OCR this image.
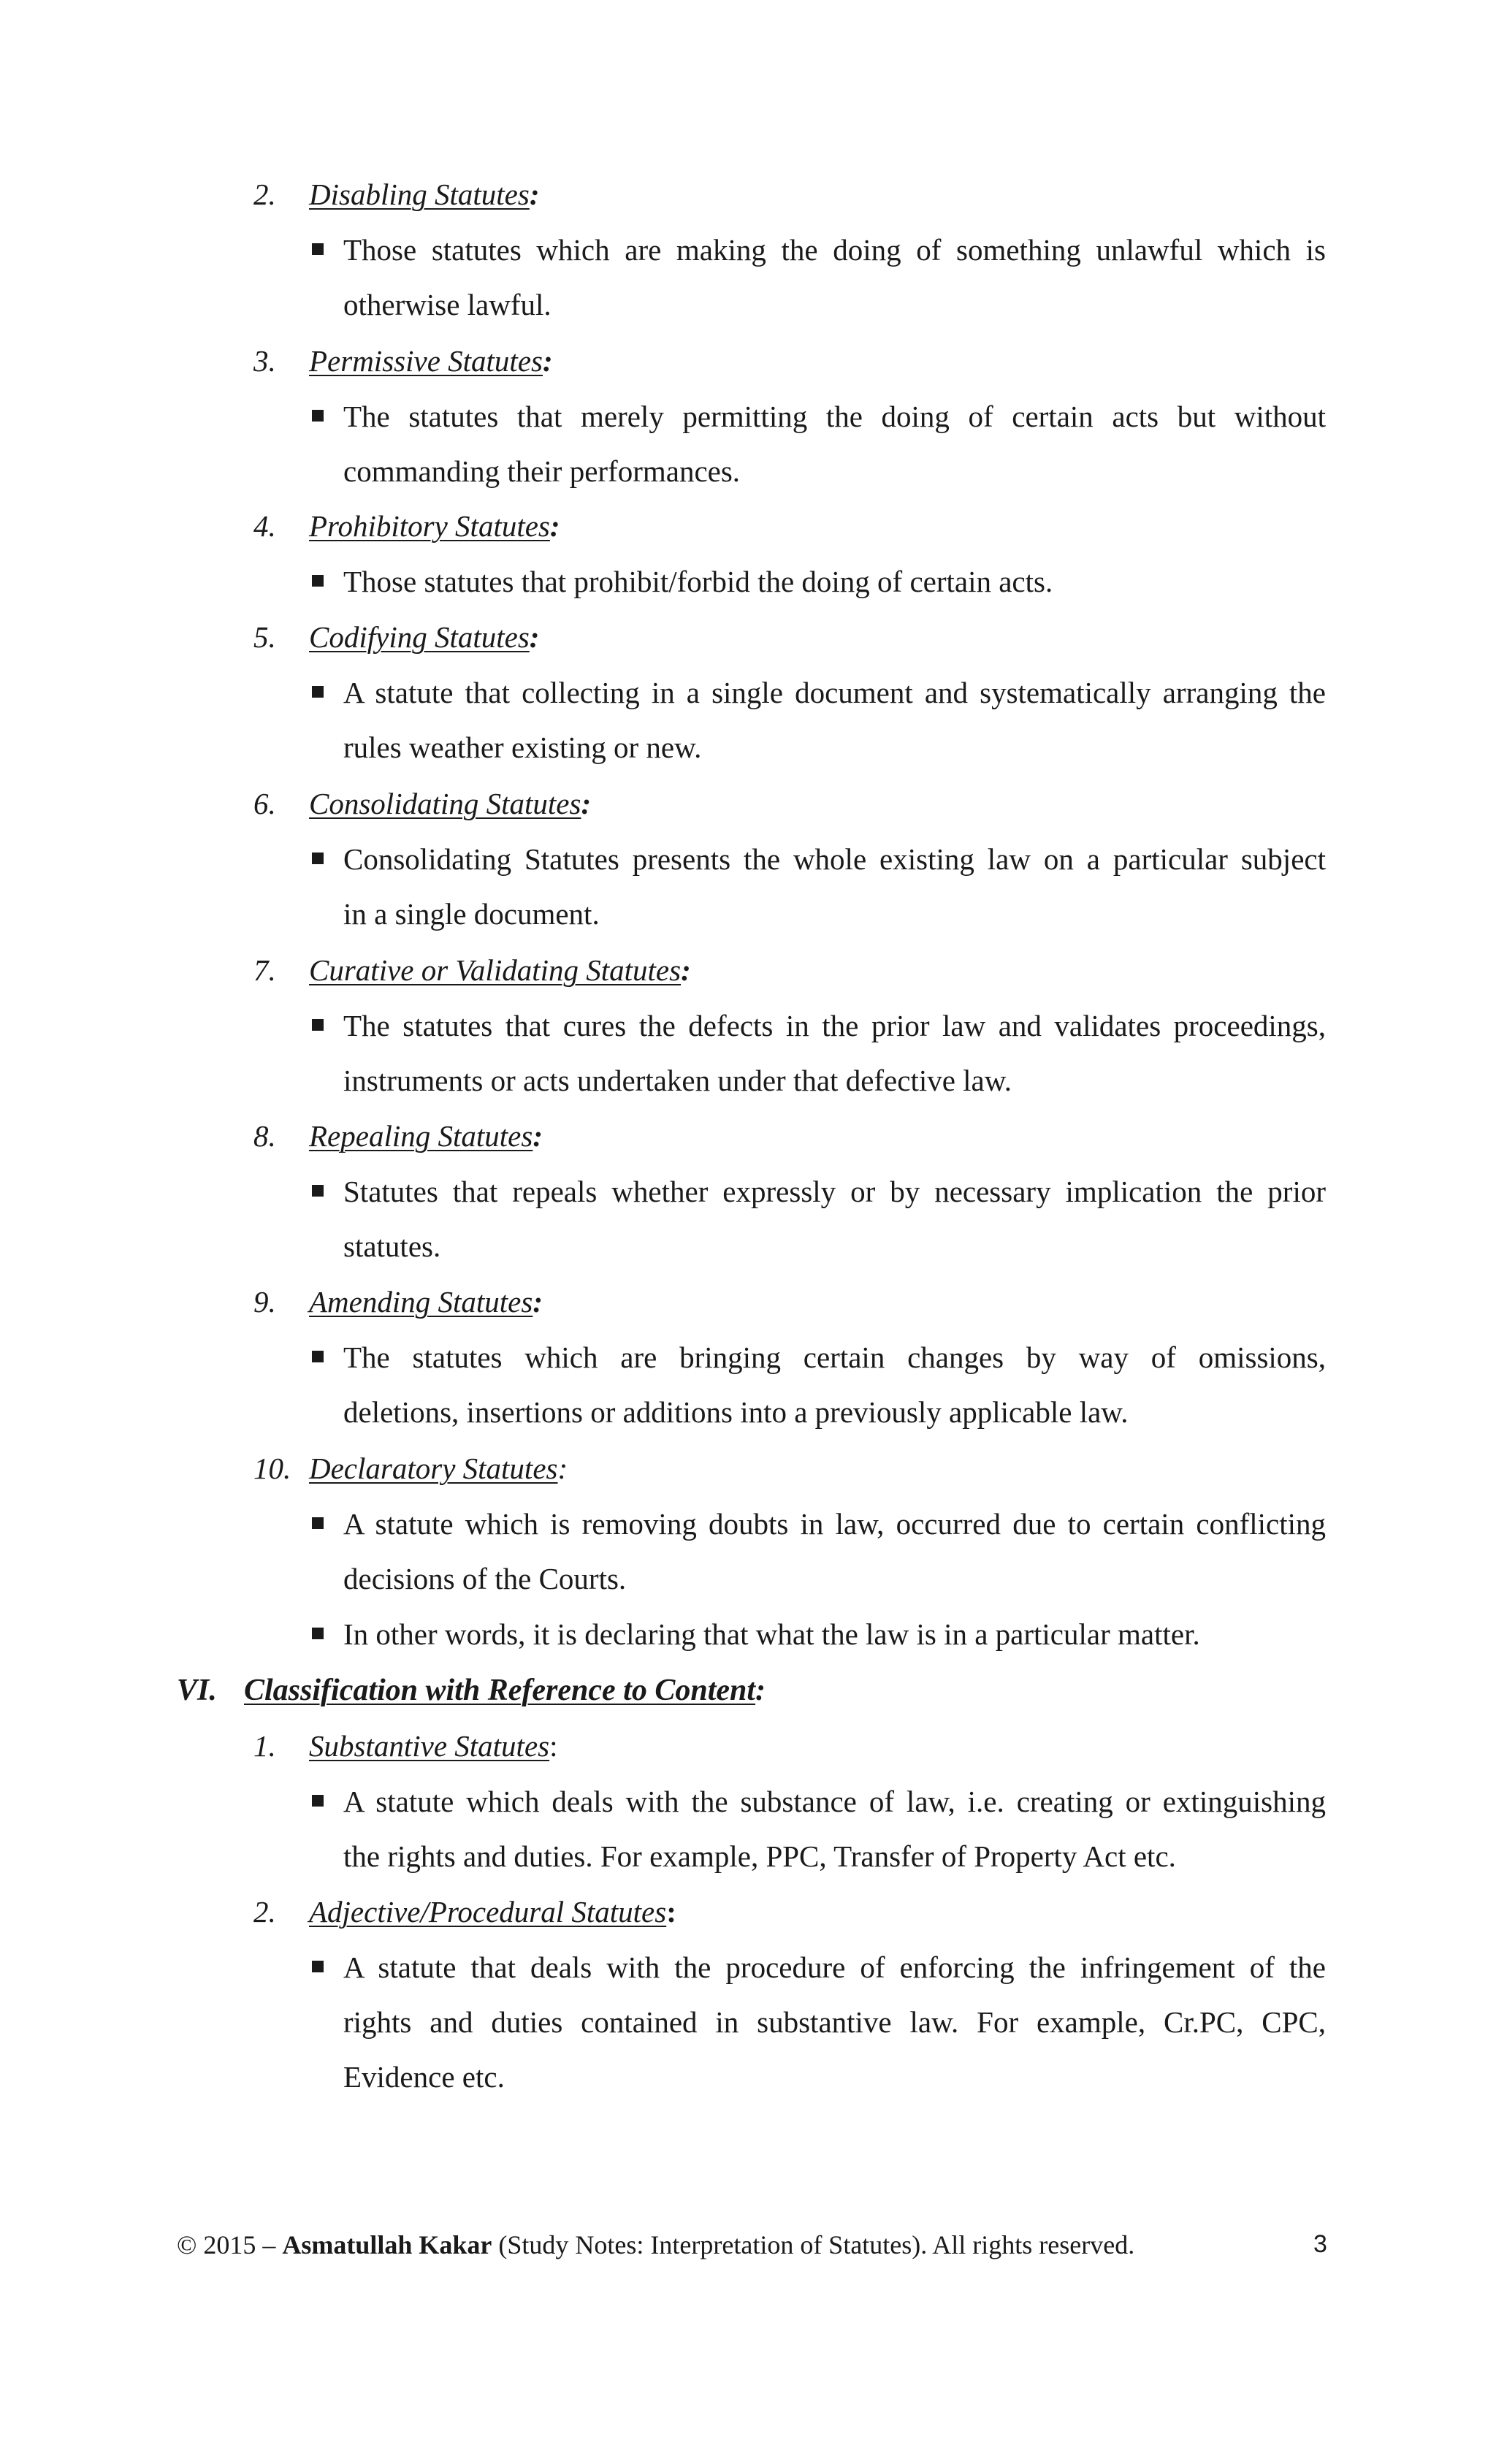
2. Disabling Statutes:
Those statutes which are making the doing of something unlawful which is
otherwise lawful.
3. Permissive Statutes:
The statutes that merely permitting the doing of certain acts but without
commanding their performances.
4. Prohibitory Statutes:
Those statutes that prohibit/forbid the doing of certain acts.
5. Codifying Statutes:
A statute that collecting in a single document and systematically arranging the
rules weather existing or new.
6. Consolidating Statutes:
Consolidating Statutes presents the whole existing law on a particular subject
in a single document.
7. Curative or Validating Statutes:
The statutes that cures the defects in the prior law and validates proceedings,
instruments or acts undertaken under that defective law.
8. Repealing Statutes:
Statutes that repeals whether expressly or by necessary implication the prior
statutes.
9. Amending Statutes:
The statutes which are bringing certain changes by way of omissions,
deletions, insertions or additions into a previously applicable law.
10. Declaratory Statutes:
A statute which is removing doubts in law, occurred due to certain conflicting
decisions of the Courts.
In other words, it is declaring that what the law is in a particular matter.
VI. Classification with Reference to Content:
1. Substantive Statutes:
A statute which deals with the substance of law, i.e. creating or extinguishing
the rights and duties. For example, PPC, Transfer of Property Act etc.
2. Adjective/Procedural Statutes:
A statute that deals with the procedure of enforcing the infringement of the
rights and duties contained in substantive law. For example, Cr.PC, CPC,
Evidence etc.
© 2015 – Asmatullah Kakar (Study Notes: Interpretation of Statutes). All rights reserved.	3
